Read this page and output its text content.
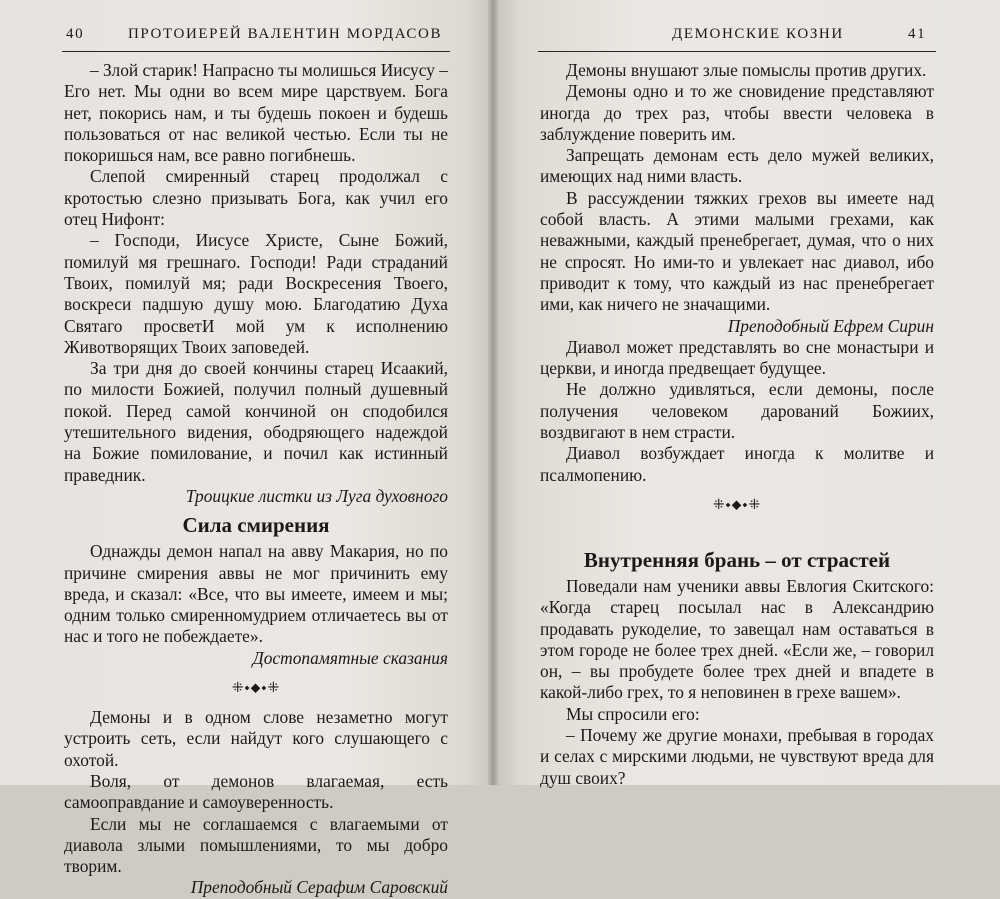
40	ПРОТОИЕРЕЙ ВАЛЕНТИН МОРДАСОВ

– Злой старик! Напрасно ты молишься Иисусу – Его нет. Мы одни во всем мире царствуем. Бога нет, покорись нам, и ты будешь покоен и будешь пользоваться от нас великой честью. Если ты не покоришься нам, все равно погибнешь.

Слепой смиренный старец продолжал с кротостью слезно призывать Бога, как учил его отец Нифонт:

– Господи, Иисусе Христе, Сыне Божий, помилуй мя грешнаго. Господи! Ради страданий Твоих, помилуй мя; ради Воскресения Твоего, воскреси падшую душу мою. Благодатию Духа Святаго просветИ мой ум к исполнению Животворящих Твоих заповедей.

За три дня до своей кончины старец Исаакий, по милости Божией, получил полный душевный покой. Перед самой кончиной он сподобился утешительного видения, ободряющего надеждой на Божие помилование, и почил как истинный праведник.

Троицкие листки из Луга духовного

Сила смирения

Однажды демон напал на авву Макария, но по причине смирения аввы не мог причинить ему вреда, и сказал: «Все, что вы имеете, имеем и мы; одним только смиренномудрием отличаетесь вы от нас и того не побеждаете».

Достопамятные сказания

⁜⬩⬥⬩⁜

Демоны и в одном слове незаметно могут устроить сеть, если найдут кого слушающего с охотой.

Воля, от демонов влагаемая, есть самооправдание и самоуверенность.

Если мы не соглашаемся с влагаемыми от диавола злыми помышлениями, то мы добро творим.

Преподобный Серафим Саровский

ДЕМОНСКИЕ КОЗНИ	41

Демоны внушают злые помыслы против других.

Демоны одно и то же сновидение представляют иногда до трех раз, чтобы ввести человека в заблуждение поверить им.

Запрещать демонам есть дело мужей великих, имеющих над ними власть.

В рассуждении тяжких грехов вы имеете над собой власть. А этими малыми грехами, как неважными, каждый пренебрегает, думая, что о них не спросят. Но ими-то и увлекает нас диавол, ибо приводит к тому, что каждый из нас пренебрегает ими, как ничего не значащими.

Преподобный Ефрем Сирин

Диавол может представлять во сне монастыри и церкви, и иногда предвещает будущее.

Не должно удивляться, если демоны, после получения человеком дарований Божиих, воздвигают в нем страсти.

Диавол возбуждает иногда к молитве и псалмопению.

⁜⬩⬥⬩⁜
Внутренняя брань – от страстей

Поведали нам ученики аввы Евлогия Скитского: «Когда старец посылал нас в Александрию продавать рукоделие, то завещал нам оставаться в этом городе не более трех дней. «Если же, – говорил он, – вы пробудете более трех дней и впадете в какой-либо грех, то я неповинен в грехе вашем».

Мы спросили его:

– Почему же другие монахи, пребывая в городах и селах с мирскими людьми, не чувствуют вреда для душ своих?
